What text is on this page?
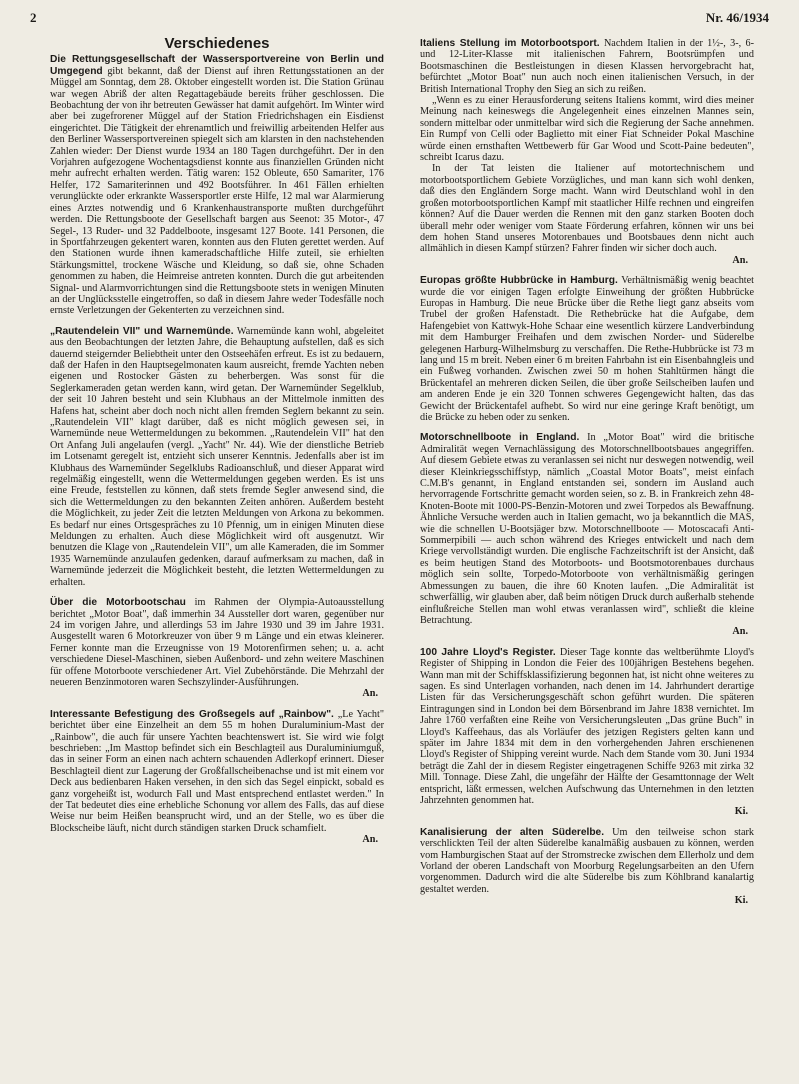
2	Nr. 46/1934
Verschiedenes

Die Rettungsgesellschaft der Wassersportvereine von Berlin und Umgegend gibt bekannt, daß der Dienst auf ihren Rettungsstationen an der Müggel am Sonntag, dem 28. Oktober eingestellt worden ist. Die Station Grünau war wegen Abriß der alten Regattagebäude bereits früher geschlossen. Die Beobachtung der von ihr betreuten Gewässer hat damit aufgehört. Im Winter wird aber bei zugefrorener Müggel auf der Station Friedrichshagen ein Eisdienst eingerichtet. Die Tätigkeit der ehrenamtlich und freiwillig arbeitenden Helfer aus den Berliner Wassersportvereinen spiegelt sich am klarsten in den nachstehenden Zahlen wieder: Der Dienst wurde 1934 an 180 Tagen durchgeführt. Der in den Vorjahren aufgezogene Wochentagsdienst konnte aus finanziellen Gründen nicht mehr aufrecht erhalten werden. Tätig waren: 152 Obleute, 650 Samariter, 176 Helfer, 172 Samariterinnen und 492 Bootsführer. In 461 Fällen erhielten verunglückte oder erkrankte Wassersportler erste Hilfe, 12 mal war Alarmierung eines Arztes notwendig und 6 Krankenhaustransporte mußten durchgeführt werden. Die Rettungsboote der Gesellschaft bargen aus Seenot: 35 Motor-, 47 Segel-, 13 Ruder- und 32 Paddelboote, insgesamt 127 Boote. 141 Personen, die in Sportfahrzeugen gekentert waren, konnten aus den Fluten gerettet werden. Auf den Stationen wurde ihnen kameradschaftliche Hilfe zuteil, sie erhielten Stärkungsmittel, trockene Wäsche und Kleidung, so daß sie, ohne Schaden genommen zu haben, die Heimreise antreten konnten. Durch die gut arbeitenden Signal- und Alarmvorrichtungen sind die Rettungsboote stets in wenigen Minuten an der Unglücksstelle eingetroffen, so daß in diesem Jahre weder Todesfälle noch ernste Verletzungen der Gekenterten zu verzeichnen sind.

„Rautendelein VII" und Warnemünde. Warnemünde kann wohl, abgeleitet aus den Beobachtungen der letzten Jahre, die Behauptung aufstellen, daß es sich dauernd steigernder Beliebtheit unter den Ostseehäfen erfreut. Es ist zu bedauern, daß der Hafen in den Hauptsegelmonaten kaum ausreicht, fremde Yachten neben eigenen und Rostocker Gästen zu beherbergen. Was sonst für die Seglerkameraden getan werden kann, wird getan. Der Warnemünder Segelklub, der seit 10 Jahren besteht und sein Klubhaus an der Mittelmole inmitten des Hafens hat, scheint aber doch noch nicht allen fremden Seglern bekannt zu sein. „Rautendelein VII" klagt darüber, daß es nicht möglich gewesen sei, in Warnemünde neue Wettermeldungen zu bekommen. „Rautendelein VII" hat den Ort Anfang Juli angelaufen (vergl. „Yacht" Nr. 44). Wie der dienstliche Betrieb im Lotsenamt geregelt ist, entzieht sich unserer Kenntnis. Jedenfalls aber ist im Klubhaus des Warnemünder Segelklubs Radioanschluß, und dieser Apparat wird regelmäßig eingestellt, wenn die Wettermeldungen gegeben werden. Es ist uns eine Freude, feststellen zu können, daß stets fremde Segler anwesend sind, die sich die Wettermeldungen zu den bekannten Zeiten anhören. Außerdem besteht die Möglichkeit, zu jeder Zeit die letzten Meldungen von Arkona zu bekommen. Es bedarf nur eines Ortsgespräches zu 10 Pfennig, um in einigen Minuten diese Meldungen zu erhalten. Auch diese Möglichkeit wird oft ausgenutzt. Wir benutzen die Klage von „Rautendelein VII", um alle Kameraden, die im Sommer 1935 Warnemünde anzulaufen gedenken, darauf aufmerksam zu machen, daß in Warnemünde jederzeit die Möglichkeit besteht, die letzten Wettermeldungen zu erhalten.

Über die Motorbootschau im Rahmen der Olympia-Autoausstellung berichtet „Motor Boat", daß immerhin 34 Aussteller dort waren, gegenüber nur 24 im vorigen Jahre, und allerdings 53 im Jahre 1930 und 39 im Jahre 1931. Ausgestellt waren 6 Motorkreuzer von über 9 m Länge und ein etwas kleinerer. Ferner konnte man die Erzeugnisse von 19 Motorenfirmen sehen; u. a. acht verschiedene Diesel-Maschinen, sieben Außenbord- und zehn weitere Maschinen für offene Motorboote verschiedener Art. Viel Zubehörstände. Die Mehrzahl der neueren Benzinmotoren waren Sechszylinder-Ausführungen.

An.

Interessante Befestigung des Großsegels auf „Rainbow". „Le Yacht" berichtet über eine Einzelheit an dem 55 m hohen Duraluminium-Mast der „Rainbow", die auch für unsere Yachten beachtenswert ist. Sie wird wie folgt beschrieben: „Im Masttop befindet sich ein Beschlagteil aus Duraluminiumguß, das in seiner Form an einen nach achtern schauenden Adlerkopf erinnert. Dieser Beschlagteil dient zur Lagerung der Großfallscheibenachse und ist mit einem vor Deck aus bedienbaren Haken versehen, in den sich das Segel einpickt, sobald es ganz vorgeheißt ist, wodurch Fall und Mast entsprechend entlastet werden." In der Tat bedeutet dies eine erhebliche Schonung vor allem des Falls, das auf diese Weise nur beim Heißen beansprucht wird, und an der Stelle, wo es über die Blockscheibe läuft, nicht durch ständigen starken Druck schamfielt.

An.

Italiens Stellung im Motorbootsport. Nachdem Italien in der 1½-, 3-, 6- und 12-Liter-Klasse mit italienischen Fahrern, Bootsrümpfen und Bootsmaschinen die Bestleistungen in diesen Klassen hervorgebracht hat, befürchtet „Motor Boat" nun auch noch einen italienischen Versuch, in der British International Trophy den Sieg an sich zu reißen.

„Wenn es zu einer Herausforderung seitens Italiens kommt, wird dies meiner Meinung nach keineswegs die Angelegenheit eines einzelnen Mannes sein, sondern mittelbar oder unmittelbar wird sich die Regierung der Sache annehmen. Ein Rumpf von Celli oder Baglietto mit einer Fiat Schneider Pokal Maschine würde einen ernsthaften Wettbewerb für Gar Wood und Scott-Paine bedeuten", schreibt Icarus dazu.

In der Tat leisten die Italiener auf motortechnischem und motorbootsportlichem Gebiete Vorzügliches, und man kann sich wohl denken, daß dies den Engländern Sorge macht. Wann wird Deutschland wohl in den großen motorbootsportlichen Kampf mit staatlicher Hilfe rechnen und eingreifen können? Auf die Dauer werden die Rennen mit den ganz starken Booten doch überall mehr oder weniger vom Staate Förderung erfahren, können wir uns bei dem hohen Stand unseres Motorenbaues und Bootsbaues denn nicht auch allmählich in diesen Kampf stürzen? Fahrer finden wir sicher doch auch.

An.

Europas größte Hubbrücke in Hamburg. Verhältnismäßig wenig beachtet wurde die vor einigen Tagen erfolgte Einweihung der größten Hubbrücke Europas in Hamburg. Die neue Brücke über die Rethe liegt ganz abseits vom Trubel der großen Hafenstadt. Die Rethebrücke hat die Aufgabe, dem Hafengebiet von Kattwyk-Hohe Schaar eine wesentlich kürzere Landverbindung mit dem Hamburger Freihafen und dem zwischen Norder- und Süderelbe gelegenen Harburg-Wilhelmsburg zu verschaffen. Die Rethe-Hubbrücke ist 73 m lang und 15 m breit. Neben einer 6 m breiten Fahrbahn ist ein Eisenbahngleis und ein Fußweg vorhanden. Zwischen zwei 50 m hohen Stahltürmen hängt die Brückentafel an mehreren dicken Seilen, die über große Seilscheiben laufen und am anderen Ende je ein 320 Tonnen schweres Gegengewicht halten, das das Gewicht der Brückentafel aufhebt. So wird nur eine geringe Kraft benötigt, um die Brücke zu heben oder zu senken.

Motorschnellboote in England. In „Motor Boat" wird die britische Admiralität wegen Vernachlässigung des Motorschnellbootsbaues angegriffen. Auf diesem Gebiete etwas zu veranlassen sei nicht nur deswegen notwendig, weil dieser Kleinkriegsschiffstyp, nämlich „Coastal Motor Boats", meist einfach C.M.B's genannt, in England entstanden sei, sondern im Ausland auch hervorragende Fortschritte gemacht worden seien, so z. B. in Frankreich zehn 48-Knoten-Boote mit 1000-PS-Benzin-Motoren und zwei Torpedos als Bewaffnung. Ähnliche Versuche werden auch in Italien gemacht, wo ja bekanntlich die MAS, wie die schnellen U-Bootsjäger bzw. Motorschnellboote — Motoscacafi Anti-Sommerpibili — auch schon während des Krieges entwickelt und nach dem Kriege vervollständigt wurden. Die englische Fachzeitschrift ist der Ansicht, daß es beim heutigen Stand des Motorboots- und Bootsmotorenbaues durchaus möglich sein sollte, Torpedo-Motorboote von verhältnismäßig geringen Abmessungen zu bauen, die ihre 60 Knoten laufen. „Die Admiralität ist schwerfällig, wir glauben aber, daß beim nötigen Druck durch außerhalb stehende einflußreiche Stellen man wohl etwas veranlassen wird", schließt die kleine Betrachtung.

An.

100 Jahre Lloyd's Register. Dieser Tage konnte das weltberühmte Lloyd's Register of Shipping in London die Feier des 100jährigen Bestehens begehen. Wann man mit der Schiffsklassifizierung begonnen hat, ist nicht ohne weiteres zu sagen. Es sind Unterlagen vorhanden, nach denen im 14. Jahrhundert derartige Listen für das Versicherungsgeschäft schon geführt wurden. Die späteren Eintragungen sind in London bei dem Börsenbrand im Jahre 1838 vernichtet. Im Jahre 1760 verfaßten eine Reihe von Versicherungsleuten „Das grüne Buch" in Lloyd's Kaffeehaus, das als Vorläufer des jetzigen Registers gelten kann und später im Jahre 1834 mit dem in den vorhergehenden Jahren erschienenen Lloyd's Register of Shipping vereint wurde. Nach dem Stande vom 30. Juni 1934 beträgt die Zahl der in diesem Register eingetragenen Schiffe 9263 mit zirka 32 Mill. Tonnage. Diese Zahl, die ungefähr der Hälfte der Gesamttonnage der Welt entspricht, läßt ermessen, welchen Aufschwung das Unternehmen in den letzten Jahrzehnten genommen hat.

Ki.

Kanalisierung der alten Süderelbe. Um den teilweise schon stark verschlickten Teil der alten Süderelbe kanalmäßig ausbauen zu können, werden vom Hamburgischen Staat auf der Stromstrecke zwischen dem Ellerholz und dem Vorland der oberen Landschaft von Moorburg Regelungsarbeiten an den Ufern vorgenommen. Dadurch wird die alte Süderelbe bis zum Köhlbrand kanalartig gestaltet werden.

Ki.
